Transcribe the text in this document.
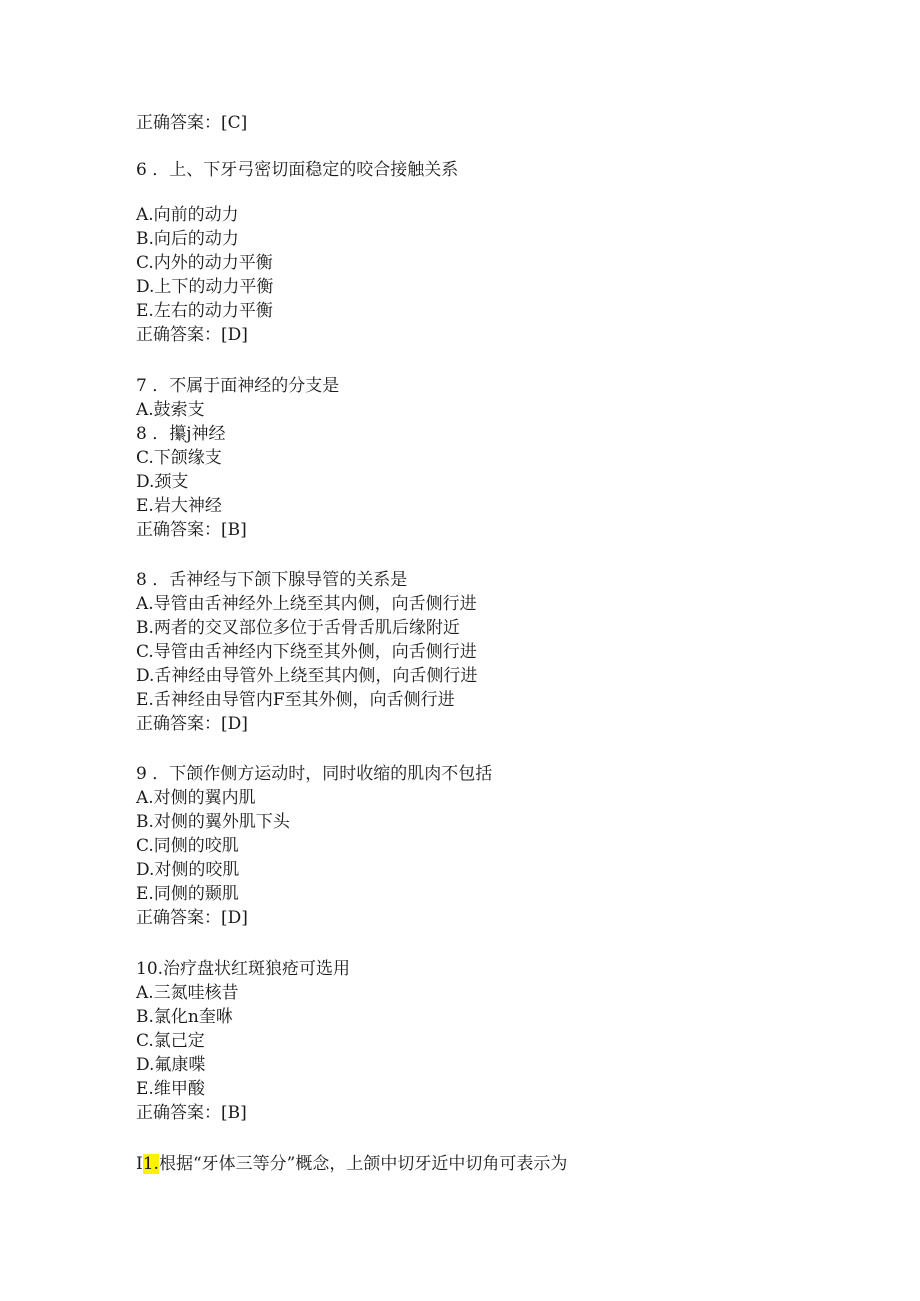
正确答案：[C]
6 ．上、下牙弓密切面稳定的咬合接触关系
A.向前的动力
B.向后的动力
C.内外的动力平衡
D.上下的动力平衡
E.左右的动力平衡
正确答案：[D]
7 ．不属于面神经的分支是
A.鼓索支
8 ．攥j神经
C.下颌缘支
D.颈支
E.岩大神经
正确答案：[B]
8 ．舌神经与下颌下腺导管的关系是
A.导管由舌神经外上绕至其内侧，向舌侧行进
B.两者的交叉部位多位于舌骨舌肌后缘附近
C.导管由舌神经内下绕至其外侧，向舌侧行进
D.舌神经由导管外上绕至其内侧，向舌侧行进
E.舌神经由导管内F至其外侧，向舌侧行进
正确答案：[D]
9 ．下颌作侧方运动时，同时收缩的肌肉不包括
A.对侧的翼内肌
B.对侧的翼外肌下头
C.同侧的咬肌
D.对侧的咬肌
E.同侧的颞肌
正确答案：[D]
10.治疗盘状红斑狼疮可选用
A.三氮哇核昔
B.氯化n奎咻
C.氯己定
D.氟康喋
E.维甲酸
正确答案：[B]
I1.根据“牙体三等分”概念，上颌中切牙近中切角可表示为
